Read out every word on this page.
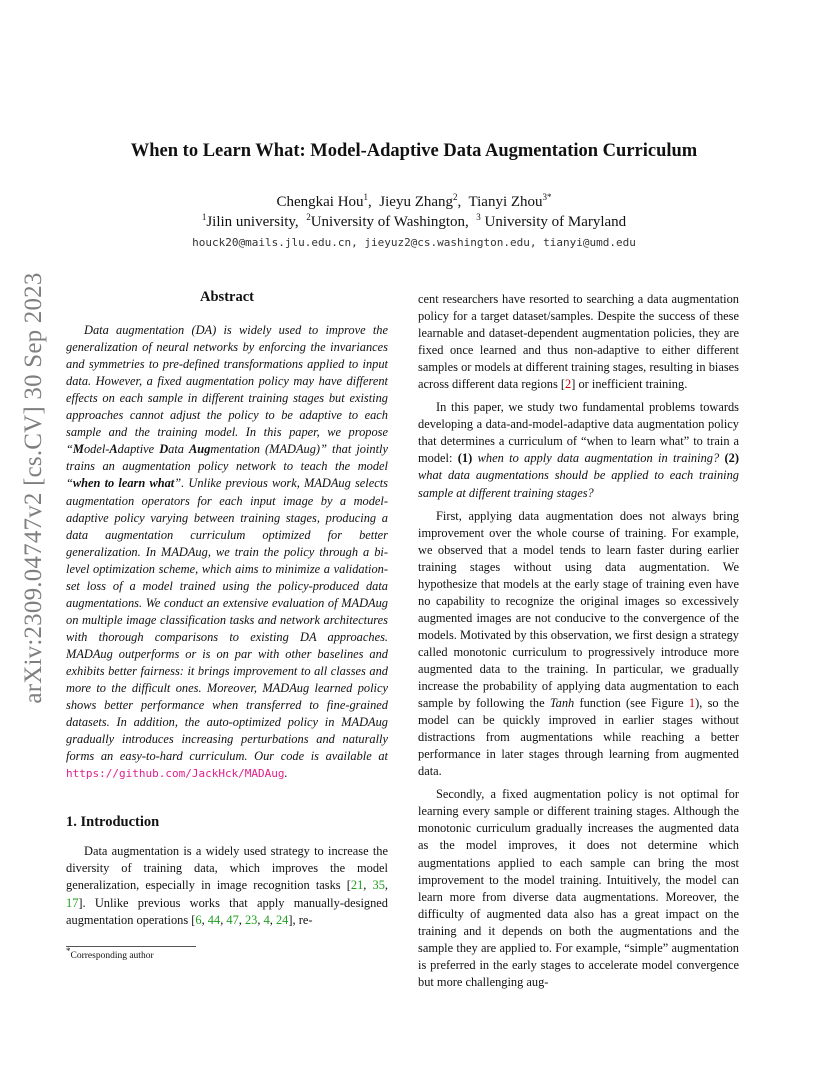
arXiv:2309.04747v2 [cs.CV] 30 Sep 2023
When to Learn What: Model-Adaptive Data Augmentation Curriculum
Chengkai Hou$^1$,  Jieyu Zhang$^2$,  Tianyi Zhou$^{3*}$
$^1$Jilin university, $^2$University of Washington, $^3$ University of Maryland
houck20@mails.jlu.edu.cn, jieyuz2@cs.washington.edu, tianyi@umd.edu
Abstract

Data augmentation (DA) is widely used to improve the generalization of neural networks by enforcing the invariances and symmetries to pre-defined transformations applied to input data. However, a fixed augmentation policy may have different effects on each sample in different training stages but existing approaches cannot adjust the policy to be adaptive to each sample and the training model. In this paper, we propose “Model-Adaptive Data Augmentation (MADAug)” that jointly trains an augmentation policy network to teach the model “when to learn what”. Unlike previous work, MADAug selects augmentation operators for each input image by a model-adaptive policy varying between training stages, producing a data augmentation curriculum optimized for better generalization. In MADAug, we train the policy through a bi-level optimization scheme, which aims to minimize a validation-set loss of a model trained using the policy-produced data augmentations. We conduct an extensive evaluation of MADAug on multiple image classification tasks and network architectures with thorough comparisons to existing DA approaches. MADAug outperforms or is on par with other baselines and exhibits better fairness: it brings improvement to all classes and more to the difficult ones. Moreover, MADAug learned policy shows better performance when transferred to fine-grained datasets. In addition, the auto-optimized policy in MADAug gradually introduces increasing perturbations and naturally forms an easy-to-hard curriculum. Our code is available at https://github.com/JackHck/MADAug.

1. Introduction

Data augmentation is a widely used strategy to increase the diversity of training data, which improves the model generalization, especially in image recognition tasks [21, 35, 17]. Unlike previous works that apply manually-designed augmentation operations [6, 44, 47, 23, 4, 24], re-

cent researchers have resorted to searching a data augmentation policy for a target dataset/samples. Despite the success of these learnable and dataset-dependent augmentation policies, they are fixed once learned and thus non-adaptive to either different samples or models at different training stages, resulting in biases across different data regions [2] or inefficient training.

In this paper, we study two fundamental problems towards developing a data-and-model-adaptive data augmentation policy that determines a curriculum of “when to learn what” to train a model: (1) when to apply data augmentation in training? (2) what data augmentations should be applied to each training sample at different training stages?

First, applying data augmentation does not always bring improvement over the whole course of training. For example, we observed that a model tends to learn faster during earlier training stages without using data augmentation. We hypothesize that models at the early stage of training even have no capability to recognize the original images so excessively augmented images are not conducive to the convergence of the models. Motivated by this observation, we first design a strategy called monotonic curriculum to progressively introduce more augmented data to the training. In particular, we gradually increase the probability of applying data augmentation to each sample by following the Tanh function (see Figure 1), so the model can be quickly improved in earlier stages without distractions from augmentations while reaching a better performance in later stages through learning from augmented data.

Secondly, a fixed augmentation policy is not optimal for learning every sample or different training stages. Although the monotonic curriculum gradually increases the augmented data as the model improves, it does not determine which augmentations applied to each sample can bring the most improvement to the model training. Intuitively, the model can learn more from diverse data augmentations. Moreover, the difficulty of augmented data also has a great impact on the training and it depends on both the augmentations and the sample they are applied to. For example, “simple” augmentation is preferred in the early stages to accelerate model convergence but more challenging aug-

*Corresponding author
